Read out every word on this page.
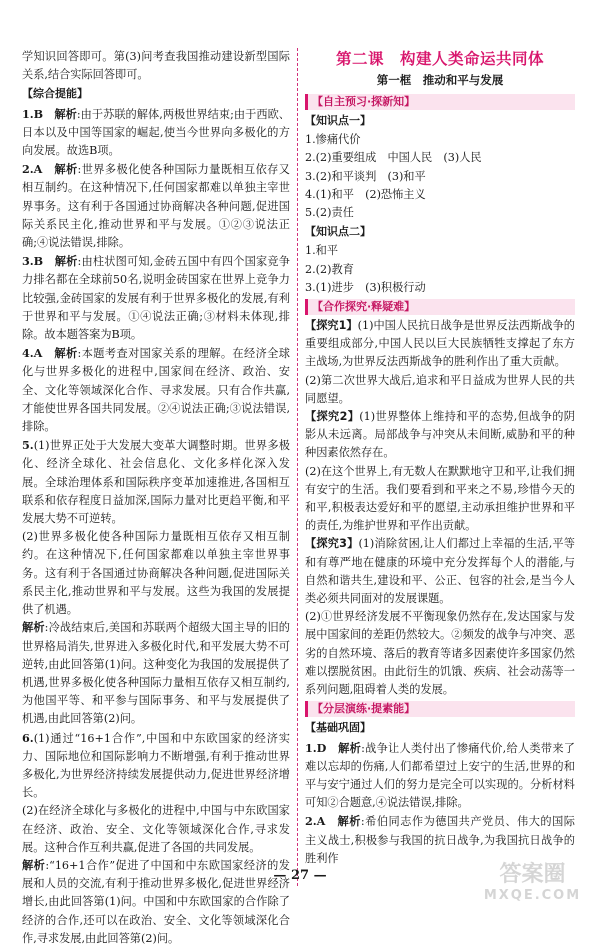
学知识回答即可。第(3)问考查我国推动建设新型国际关系,结合实际回答即可。

【综合提能】

1.B　 解析:由于苏联的解体,两极世界结束;由于西欧、日本以及中国等国家的崛起,使当今世界向多极化的方向发展。故选B项。

2.A　 解析:世界多极化使各种国际力量既相互依存又相互制约。在这种情况下,任何国家都难以单独主宰世界事务。这有利于各国通过协商解决各种问题,促进国际关系民主化,推动世界和平与发展。①②③说法正确;④说法错误,排除。

3.B　 解析:由柱状图可知,金砖五国中有四个国家竞争力排名都在全球前50名,说明金砖国家在世界上竞争力比较强,金砖国家的发展有利于世界多极化的发展,有利于世界和平与发展。①④说法正确;③材料未体现,排除。故本题答案为B项。

4.A　 解析:本题考查对国家关系的理解。在经济全球化与世界多极化的进程中,国家间在经济、政治、安全、文化等领域深化合作、寻求发展。只有合作共赢,才能使世界各国共同发展。②④说法正确;③说法错误,排除。

5.(1)世界正处于大发展大变革大调整时期。世界多极化、经济全球化、社会信息化、文化多样化深入发展。全球治理体系和国际秩序变革加速推进,各国相互联系和依存程度日益加深,国际力量对比更趋平衡,和平发展大势不可逆转。

(2)世界多极化使各种国际力量既相互依存又相互制约。在这种情况下,任何国家都难以单独主宰世界事务。这有利于各国通过协商解决各种问题,促进国际关系民主化,推动世界和平与发展。这些为我国的发展提供了机遇。

解析:冷战结束后,美国和苏联两个超级大国主导的旧的世界格局消失,世界进入多极化时代,和平发展大势不可逆转,由此回答第(1)问。这种变化为我国的发展提供了机遇,世界多极化使各种国际力量相互依存又相互制约,为他国平等、和平参与国际事务、和平与发展提供了机遇,由此回答第(2)问。

6.(1)通过“16+1合作”,中国和中东欧国家的经济实力、国际地位和国际影响力不断增强,有利于推动世界多极化,为世界经济持续发展提供动力,促进世界经济增长。

(2)在经济全球化与多极化的进程中,中国与中东欧国家在经济、政治、安全、文化等领域深化合作,寻求发展。这种合作互利共赢,促进了各国的共同发展。

解析:“16+1合作”促进了中国和中东欧国家经济的发展和人员的交流,有利于推动世界多极化,促进世界经济增长,由此回答第(1)问。中国和中东欧国家的合作除了经济的合作,还可以在政治、安全、文化等领域深化合作,寻求发展,由此回答第(2)问。

第二课　构建人类命运共同体
第一框　推动和平与发展
【自主预习·探新知】
【知识点一】

1.惨痛代价

2.(2)重要组成　中国人民　(3)人民

3.(2)和平谈判　(3)和平

4.(1)和平　(2)恐怖主义

5.(2)责任

【知识点二】

1.和平

2.(2)教育

3.(1)进步　(3)积极行动

【合作探究·释疑难】

【探究1】(1)中国人民抗日战争是世界反法西斯战争的重要组成部分,中国人民以巨大民族牺牲支撑起了东方主战场,为世界反法西斯战争的胜利作出了重大贡献。

(2)第二次世界大战后,追求和平日益成为世界人民的共同愿望。

【探究2】(1)世界整体上维持和平的态势,但战争的阴影从未远离。局部战争与冲突从未间断,威胁和平的种种因素依然存在。

(2)在这个世界上,有无数人在默默地守卫和平,让我们拥有安宁的生活。我们要看到和平来之不易,珍惜今天的和平,积极表达爱好和平的愿望,主动承担维护世界和平的责任,为维护世界和平作出贡献。

【探究3】(1)消除贫困,让人们都过上幸福的生活,平等和有尊严地在健康的环境中充分发挥每个人的潜能,与自然和谐共生,建设和平、公正、包容的社会,是当今人类必须共同面对的发展课题。

(2)①世界经济发展不平衡现象仍然存在,发达国家与发展中国家间的差距仍然较大。②频发的战争与冲突、恶劣的自然环境、落后的教育等诸多因素使许多国家仍然难以摆脱贫困。由此衍生的饥饿、疾病、社会动荡等一系列问题,阻碍着人类的发展。

【分层演练·提素能】
【基础巩固】

1.D　 解析:战争让人类付出了惨痛代价,给人类带来了难以忘却的伤痛,人们都希望过上安宁的生活,世界的和平与安宁通过人们的努力是完全可以实现的。分析材料可知②合题意,④说法错误,排除。

2.A　 解析:希伯同志作为德国共产党员、伟大的国际主义战士,积极参与我国的抗日战争,为我国抗日战争的胜利作

— 27 —	答案圈
MXQE.COM
